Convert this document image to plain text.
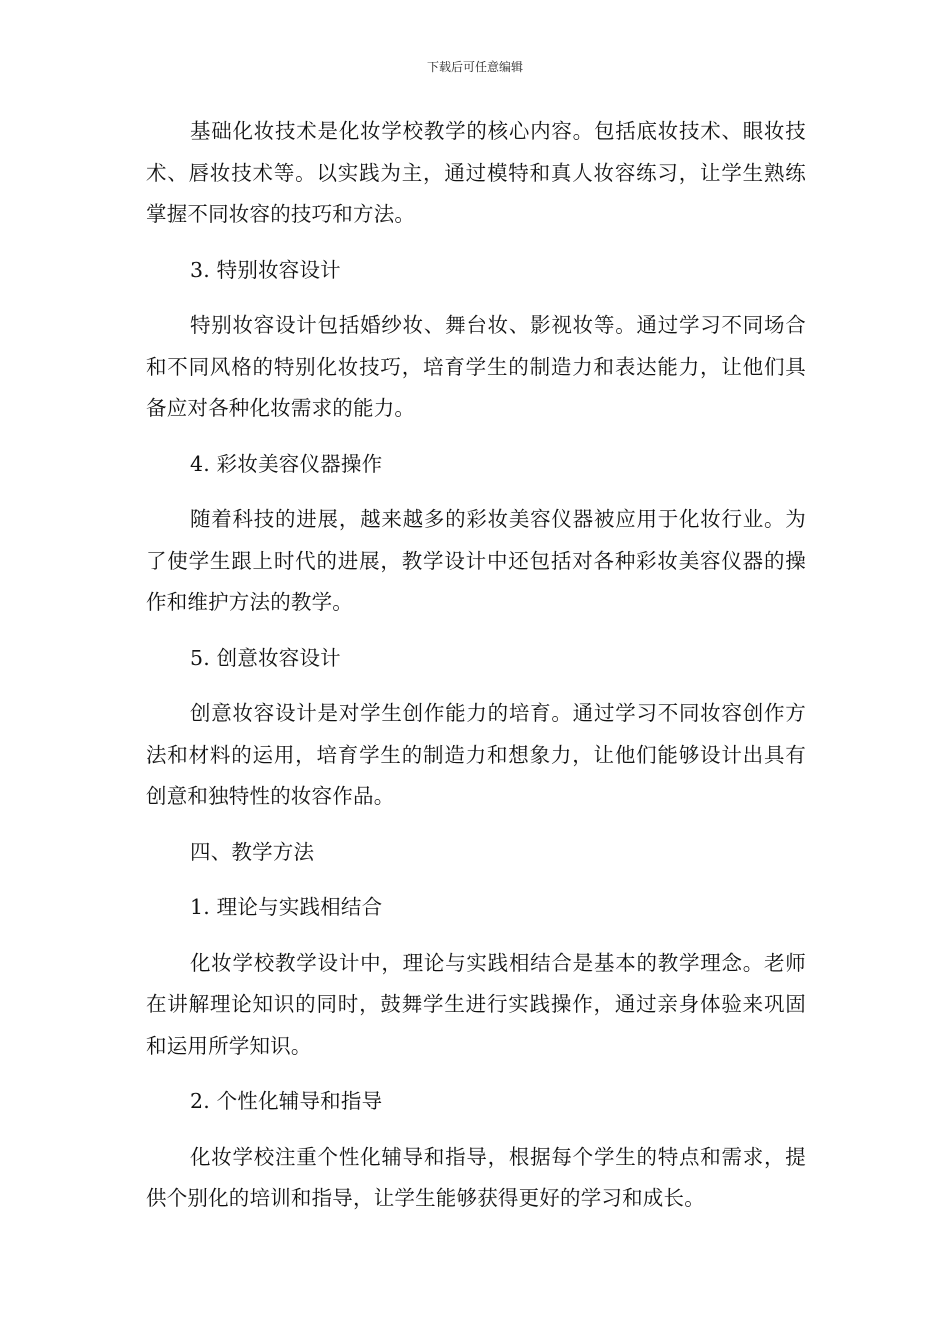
下载后可任意编辑

基础化妆技术是化妆学校教学的核心内容。包括底妆技术、眼妆技术、唇妆技术等。以实践为主，通过模特和真人妆容练习，让学生熟练掌握不同妆容的技巧和方法。

3. 特别妆容设计

特别妆容设计包括婚纱妆、舞台妆、影视妆等。通过学习不同场合和不同风格的特别化妆技巧，培育学生的制造力和表达能力，让他们具备应对各种化妆需求的能力。

4. 彩妆美容仪器操作

随着科技的进展，越来越多的彩妆美容仪器被应用于化妆行业。为了使学生跟上时代的进展，教学设计中还包括对各种彩妆美容仪器的操作和维护方法的教学。

5. 创意妆容设计

创意妆容设计是对学生创作能力的培育。通过学习不同妆容创作方法和材料的运用，培育学生的制造力和想象力，让他们能够设计出具有创意和独特性的妆容作品。

四、教学方法

1. 理论与实践相结合

化妆学校教学设计中，理论与实践相结合是基本的教学理念。老师在讲解理论知识的同时，鼓舞学生进行实践操作，通过亲身体验来巩固和运用所学知识。

2. 个性化辅导和指导

化妆学校注重个性化辅导和指导，根据每个学生的特点和需求，提供个别化的培训和指导，让学生能够获得更好的学习和成长。
